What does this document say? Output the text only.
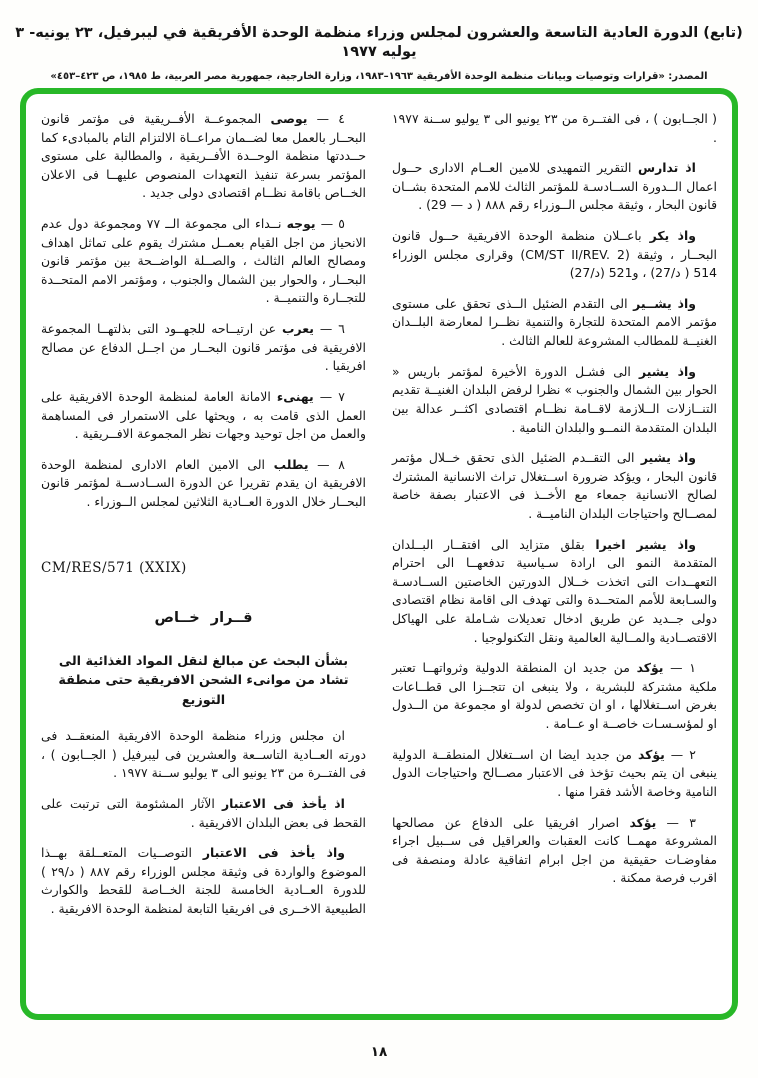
(تابع) الدورة العادية التاسعة والعشرون لمجلس وزراء منظمة الوحدة الأفريقية في ليبرفيل، ٢٣ يونيه- ٣ يوليه ١٩٧٧
المصدر: «قرارات وتوصيات وبيانات منظمة الوحدة الأفريقية ١٩٦٣–١٩٨٣، وزارة الخارجية، جمهورية مصر العربية، ط ١٩٨٥، ص ٤٢٣–٤٥٣»

( الجــابون ) ، فى الفتــرة من ٢٣ يونيو الى ٣ يوليو ســنة ١٩٧٧ .

اذ تدارس التقرير التمهيدى للامين العــام الادارى حــول اعمال الــدورة الســادسـة للمؤتمر الثالث للامم المتحدة بشــان قانون البحار ، وثيقة مجلس الــوزراء رقم ٨٨٨ ( د — 29) .

واذ يكر باعــلان منظمة الوحدة الافريقية حــول قانون البحــار ، وثيقة (CM/ST II/REV. 2) وقرارى مجلس الوزراء 514 ( د/27) ، و521 (د/27)

واذ يشــير الى التقدم الضئيل الــذى تحقق على مستوى مؤتمر الامم المتحدة للتجارة والتنمية نظــرا لمعارضة البلــدان الغنيــة للمطالب المشروعة للعالم الثالث .

واذ يشير الى فشـل الدورة الأخيرة لمؤتمر باريس « الحوار بين الشمال والجنوب » نظرا لرفض البلدان الغنيــة تقديم التنــازلات الــلازمة لاقــامة نظــام اقتصادى اكثــر عدالة بين البلدان المتقدمة النمــو والبلدان النامية .

واذ يشير الى التقــدم الضئيل الذى تحقق خــلال مؤتمر قانون البحار ، ويؤكد ضرورة اســتغلال تراث الانسانية المشترك لصالح الانسانية جمعاء مع الأخــذ فى الاعتبار بصفة خاصة لمصــالح واحتياجات البلدان الناميــة .

واذ يشير اخيرا بقلق متزايد الى افتقــار البــلدان المتقدمة النمو الى ارادة سـياسية تدفعهــا الى احترام التعهــدات التى اتخذت خــلال الدورتين الخاصتين الســادسـة والسـابعة للأمم المتحــدة والتى تهدف الى اقامة نظام اقتصادى دولى جــديد عن طريق ادخال تعديلات شـاملة على الهياكل الاقتصــادية والمــالية العالمية ونقل التكنولوجيا .

١ — يؤكد من جديد ان المنطقة الدولية وثرواتهــا تعتبر ملكية مشتركة للبشرية ، ولا ينبغى ان تتجــزا الى قطــاعات بغرض اســتغلالها ، او ان تخصص لدولة او مجموعة من الــدول او لمؤسـسـات خاصــة او عــامة .

٢ — يؤكد من جديد ايضا ان اســتغلال المنطقــة الدولية ينبغى ان يتم بحيث تؤخذ فى الاعتبار مصــالح واحتياجات الدول النامية وخاصة الأشد فقرا منها .

٣ — يؤكد اصرار افريقيا على الدفاع عن مصالحها المشروعة مهمــا كانت العقبات والعراقيل فى ســبيل اجراء مفاوضـات حقيقية من اجل ابرام اتفاقية عادلة ومنصفة فى اقرب فرصة ممكنة .

٤ — يوصى المجموعــة الأفــريقية فى مؤتمر قانون البحــار بالعمل معا لضــمان مراعــاة الالتزام التام بالمبادىء كما حــددتها منظمة الوحــدة الأفــريقية ، والمطالبة على مستوى المؤتمر بسرعة تنفيذ التعهدات المنصوص عليهــا فى الاعلان الخــاص باقامة نظــام اقتصادى دولى جديد .

٥ — يوجه نــداء الى مجموعة الــ ٧٧ ومجموعة دول عدم الانحياز من اجل القيام بعمــل مشترك يقوم على تماثل اهداف ومصالح العالم الثالث ، والصــلة الواضــحة بين مؤتمر قانون البحــار ، والحوار بين الشمال والجنوب ، ومؤتمر الامم المتحــدة للتجــارة والتنميــة .

٦ — يعرب عن ارتيــاحه للجهــود التى بذلتهــا المجموعة الافريقية فى مؤتمر قانون البحــار من اجــل الدفاع عن مصالح افريقيا .

٧ — يهنىء الامانة العامة لمنظمة الوحدة الافريقية على العمل الذى قامت به ، ويحثها على الاستمرار فى المساهمة والعمل من اجل توحيد وجهات نظر المجموعة الافــريقية .

٨ — يطلب الى الامين العام الادارى لمنظمة الوحدة الافريقية ان يقدم تقريرا عن الدورة الســادســة لمؤتمر قانون البحــار خلال الدورة العــادية الثلاثين لمجلس الــوزراء .

CM/RES/571 (XXIX)
قــرار خــاص
بشأن البحث عن مبالغ لنقل المواد الغذائية الى تشاد من موانىء الشحن الافريقية حتى منطقة التوزيع

ان مجلس وزراء منظمة الوحدة الافريقية المنعقــد فى دورته العــادية التاســعة والعشرين فى ليبرفيل ( الجــابون ) ، فى الفتــرة من ٢٣ يونيو الى ٣ يوليو ســنة ١٩٧٧ .

اذ يأخذ فى الاعتبار الآثار المشئومة التى ترتبت على القحط فى بعض البلدان الافريقية .

واذ يأخذ فى الاعتبار التوصــيات المتعــلقة بهــذا الموضوع والواردة فى وثيقة مجلس الوزراء رقم ٨٨٧ ( د/٢٩ ) للدورة العــادية الخامسة للجنة الخــاصة للقحط والكوارث الطبيعية الاخــرى فى افريقيا التابعة لمنظمة الوحدة الافريقية .

١٨
